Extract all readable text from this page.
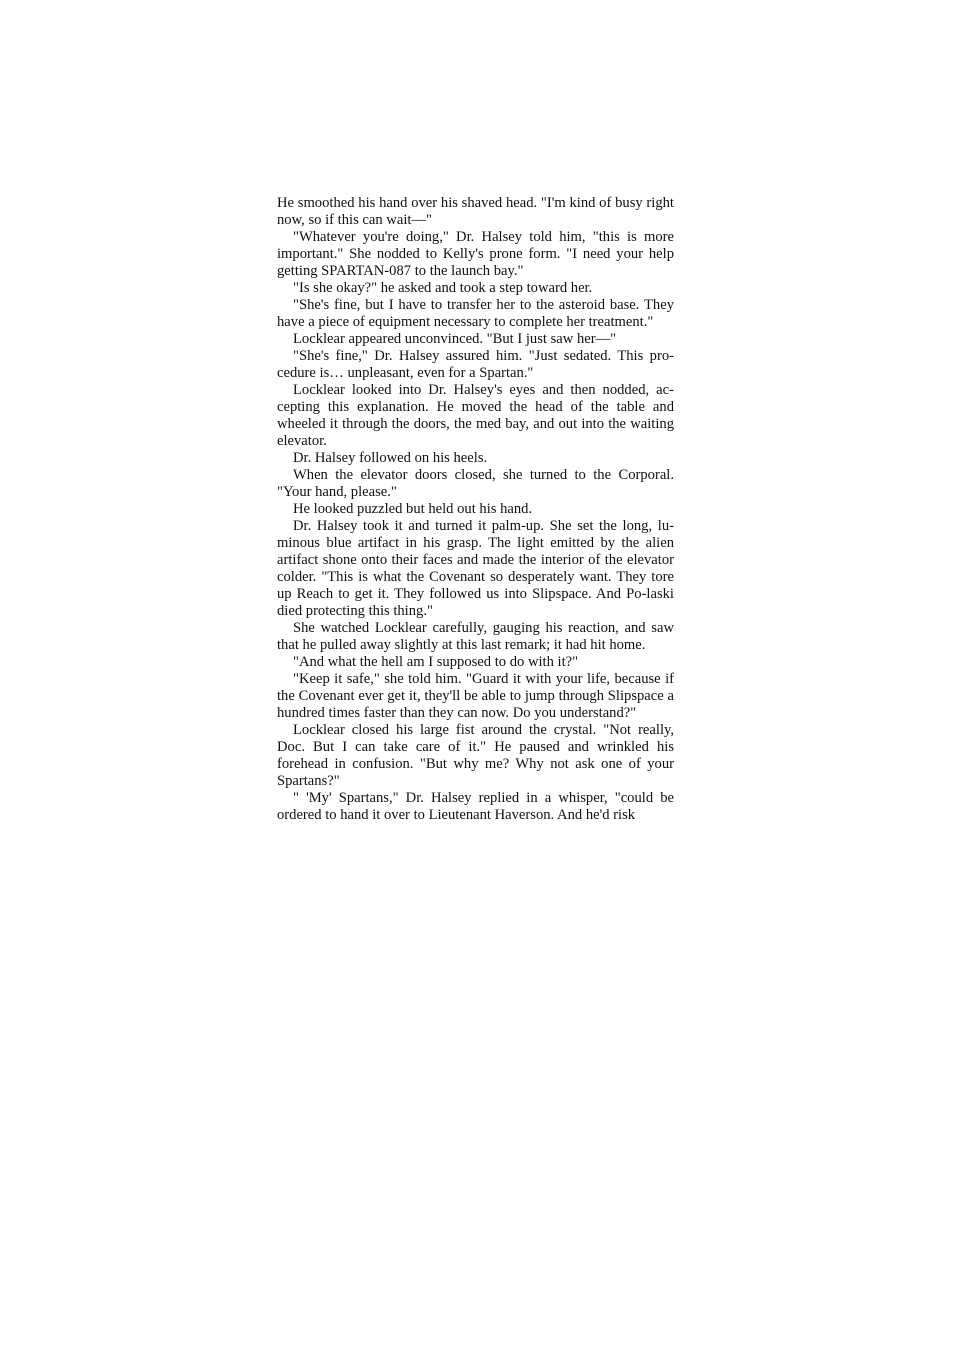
He smoothed his hand over his shaved head. "I'm kind of busy right now, so if this can wait—"

"Whatever you're doing," Dr. Halsey told him, "this is more important." She nodded to Kelly's prone form. "I need your help getting SPARTAN-087 to the launch bay."

"Is she okay?" he asked and took a step toward her.

"She's fine, but I have to transfer her to the asteroid base. They have a piece of equipment necessary to complete her treatment."

Locklear appeared unconvinced. "But I just saw her—"

"She's fine," Dr. Halsey assured him. "Just sedated. This procedure is… unpleasant, even for a Spartan."

Locklear looked into Dr. Halsey's eyes and then nodded, accepting this explanation. He moved the head of the table and wheeled it through the doors, the med bay, and out into the waiting elevator.

Dr. Halsey followed on his heels.

When the elevator doors closed, she turned to the Corporal. "Your hand, please."

He looked puzzled but held out his hand.

Dr. Halsey took it and turned it palm-up. She set the long, luminous blue artifact in his grasp. The light emitted by the alien artifact shone onto their faces and made the interior of the elevator colder. "This is what the Covenant so desperately want. They tore up Reach to get it. They followed us into Slipspace. And Po-laski died protecting this thing."

She watched Locklear carefully, gauging his reaction, and saw that he pulled away slightly at this last remark; it had hit home.

"And what the hell am I supposed to do with it?"

"Keep it safe," she told him. "Guard it with your life, because if the Covenant ever get it, they'll be able to jump through Slipspace a hundred times faster than they can now. Do you understand?"

Locklear closed his large fist around the crystal. "Not really, Doc. But I can take care of it." He paused and wrinkled his forehead in confusion. "But why me? Why not ask one of your Spartans?"

" 'My' Spartans," Dr. Halsey replied in a whisper, "could be ordered to hand it over to Lieutenant Haverson. And he'd risk
